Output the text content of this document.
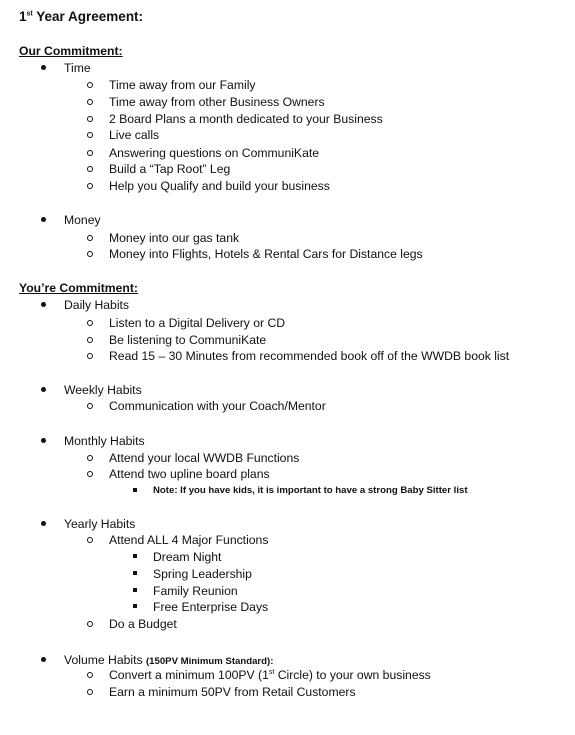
1st Year Agreement:
Our Commitment:
Time
Time away from our Family
Time away from other Business Owners
2 Board Plans a month dedicated to your Business
Live calls
Answering questions on CommuniKate
Build a “Tap Root” Leg
Help you Qualify and build your business
Money
Money into our gas tank
Money into Flights, Hotels & Rental Cars for Distance legs
You’re Commitment:
Daily Habits
Listen to a Digital Delivery or CD
Be listening to CommuniKate
Read 15 – 30 Minutes from recommended book off of the WWDB book list
Weekly Habits
Communication with your Coach/Mentor
Monthly Habits
Attend your local WWDB Functions
Attend two upline board plans
Note: If you have kids, it is important to have a strong Baby Sitter list
Yearly Habits
Attend ALL 4 Major Functions
Dream Night
Spring Leadership
Family Reunion
Free Enterprise Days
Do a Budget
Volume Habits (150PV Minimum Standard):
Convert a minimum 100PV (1st Circle) to your own business
Earn a minimum 50PV from Retail Customers
